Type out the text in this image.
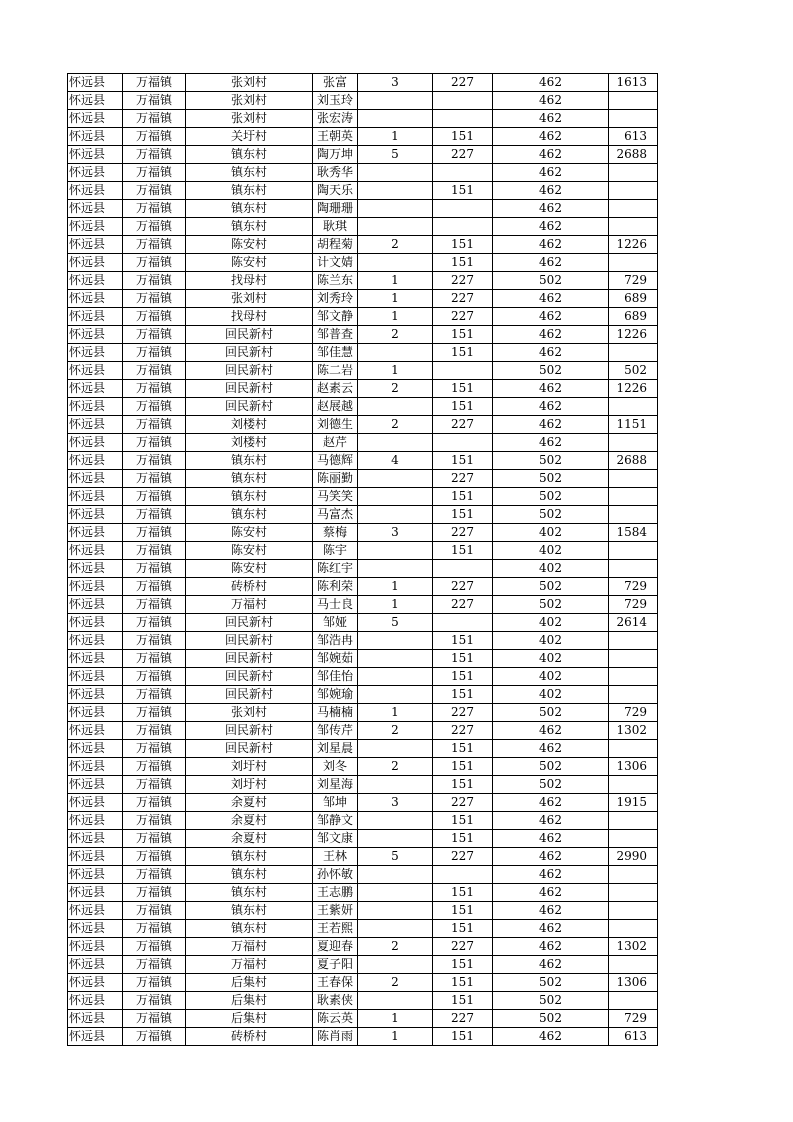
怀远县	万福镇	张刘村	张富	3	227	462	1613
怀远县	万福镇	张刘村	刘玉玲			462	
怀远县	万福镇	张刘村	张宏涛			462	
怀远县	万福镇	关圩村	王朝英	1	151	462	613
怀远县	万福镇	镇东村	陶万坤	5	227	462	2688
怀远县	万福镇	镇东村	耿秀华			462	
怀远县	万福镇	镇东村	陶天乐		151	462	
怀远县	万福镇	镇东村	陶珊珊			462	
怀远县	万福镇	镇东村	耿琪			462	
怀远县	万福镇	陈安村	胡程菊	2	151	462	1226
怀远县	万福镇	陈安村	计文婧		151	462	
怀远县	万福镇	找母村	陈兰东	1	227	502	729
怀远县	万福镇	张刘村	刘秀玲	1	227	462	689
怀远县	万福镇	找母村	邹文静	1	227	462	689
怀远县	万福镇	回民新村	邹普查	2	151	462	1226
怀远县	万福镇	回民新村	邹佳慧		151	462	
怀远县	万福镇	回民新村	陈二岩	1		502	502
怀远县	万福镇	回民新村	赵素云	2	151	462	1226
怀远县	万福镇	回民新村	赵展越		151	462	
怀远县	万福镇	刘楼村	刘德生	2	227	462	1151
怀远县	万福镇	刘楼村	赵芹			462	
怀远县	万福镇	镇东村	马德辉	4	151	502	2688
怀远县	万福镇	镇东村	陈丽勤		227	502	
怀远县	万福镇	镇东村	马笑笑		151	502	
怀远县	万福镇	镇东村	马富杰		151	502	
怀远县	万福镇	陈安村	蔡梅	3	227	402	1584
怀远县	万福镇	陈安村	陈宇		151	402	
怀远县	万福镇	陈安村	陈红宇			402	
怀远县	万福镇	砖桥村	陈利荣	1	227	502	729
怀远县	万福镇	万福村	马士良	1	227	502	729
怀远县	万福镇	回民新村	邹娅	5		402	2614
怀远县	万福镇	回民新村	邹浩冉		151	402	
怀远县	万福镇	回民新村	邹婉茹		151	402	
怀远县	万福镇	回民新村	邹佳怡		151	402	
怀远县	万福镇	回民新村	邹婉瑜		151	402	
怀远县	万福镇	张刘村	马楠楠	1	227	502	729
怀远县	万福镇	回民新村	邹传芹	2	227	462	1302
怀远县	万福镇	回民新村	刘星晨		151	462	
怀远县	万福镇	刘圩村	刘冬	2	151	502	1306
怀远县	万福镇	刘圩村	刘星海		151	502	
怀远县	万福镇	余夏村	邹坤	3	227	462	1915
怀远县	万福镇	余夏村	邹静文		151	462	
怀远县	万福镇	余夏村	邹文康		151	462	
怀远县	万福镇	镇东村	王林	5	227	462	2990
怀远县	万福镇	镇东村	孙怀敏			462	
怀远县	万福镇	镇东村	王志鹏		151	462	
怀远县	万福镇	镇东村	王紫妍		151	462	
怀远县	万福镇	镇东村	王若熙		151	462	
怀远县	万福镇	万福村	夏迎春	2	227	462	1302
怀远县	万福镇	万福村	夏子阳		151	462	
怀远县	万福镇	后集村	王春保	2	151	502	1306
怀远县	万福镇	后集村	耿素侠		151	502	
怀远县	万福镇	后集村	陈云英	1	227	502	729
怀远县	万福镇	砖桥村	陈肖雨	1	151	462	613
